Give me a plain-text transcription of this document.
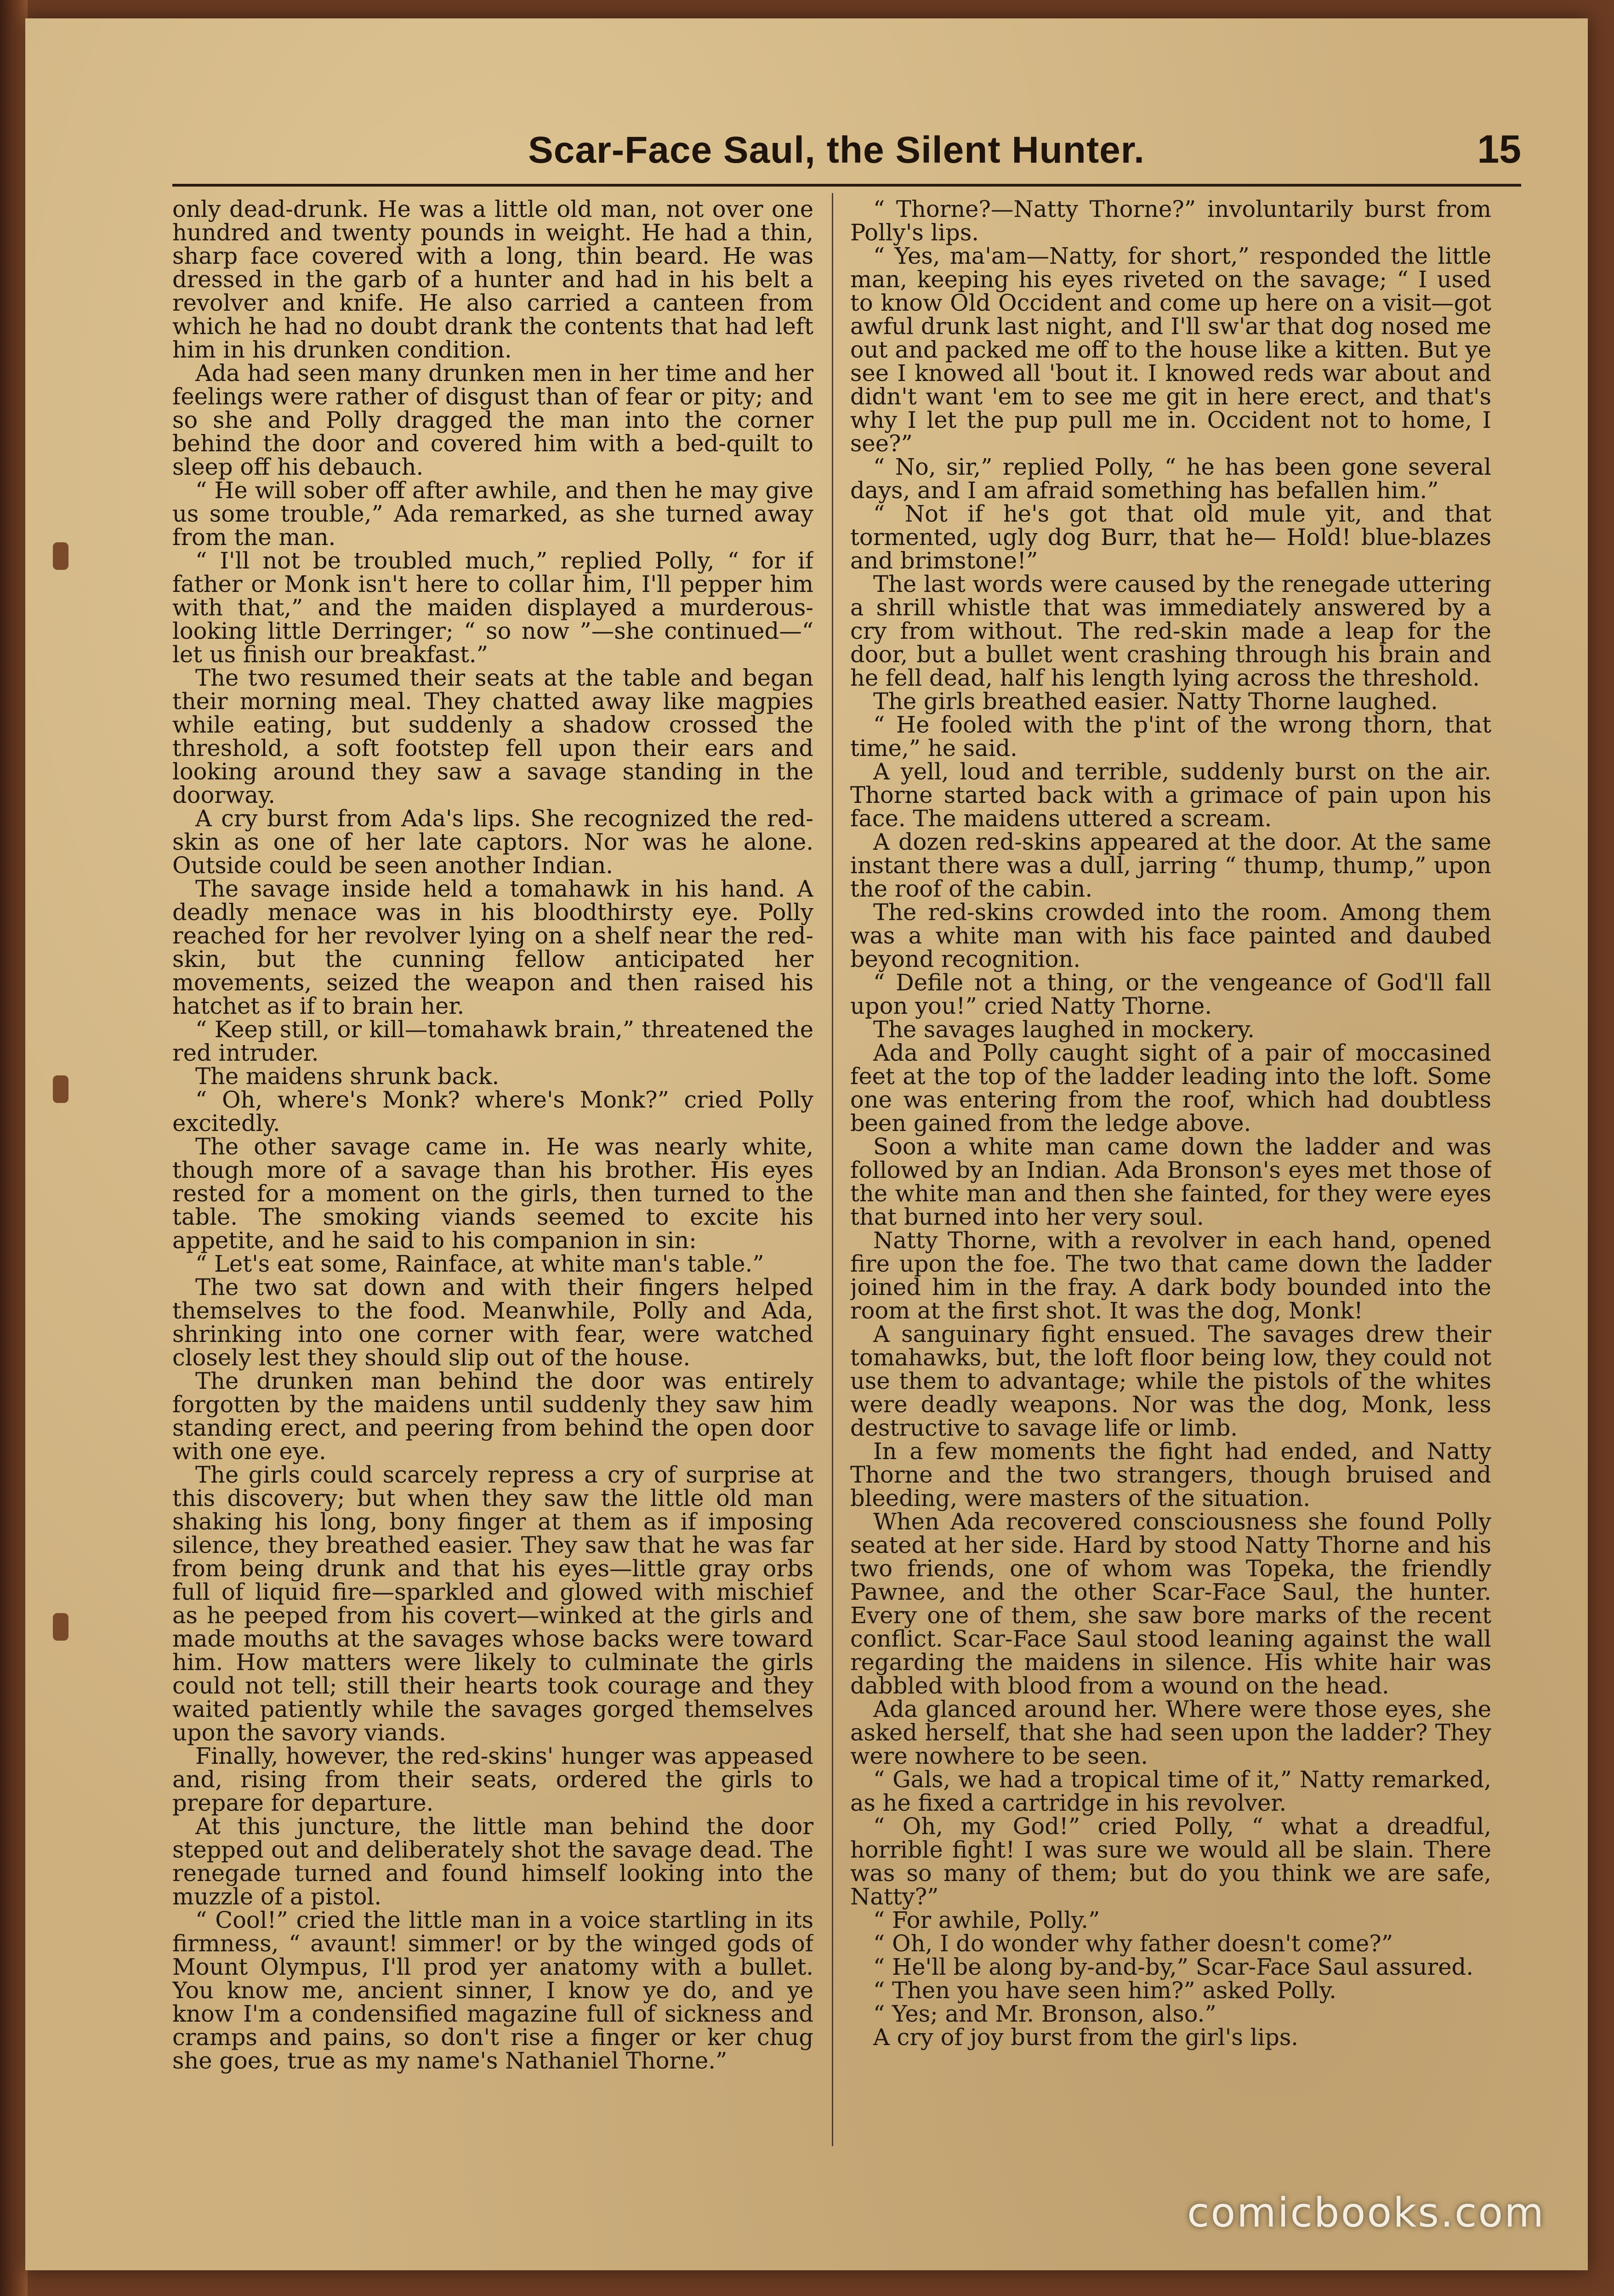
Scar-Face Saul, the Silent Hunter.	15

only dead-drunk. He was a little old man, not over one hundred and twenty pounds in weight. He had a thin, sharp face covered with a long, thin beard. He was dressed in the garb of a hunter and had in his belt a revolver and knife. He also carried a canteen from which he had no doubt drank the contents that had left him in his drunken condition.

Ada had seen many drunken men in her time and her feelings were rather of disgust than of fear or pity; and so she and Polly dragged the man into the corner behind the door and covered him with a bed-quilt to sleep off his debauch.

“ He will sober off after awhile, and then he may give us some trouble,” Ada remarked, as she turned away from the man.

“ I'll not be troubled much,” replied Polly, “ for if father or Monk isn't here to collar him, I'll pepper him with that,” and the maiden displayed a murderous-looking little Derringer; “ so now ”—she continued—“ let us finish our breakfast.”

The two resumed their seats at the table and began their morning meal. They chatted away like magpies while eating, but suddenly a shadow crossed the threshold, a soft footstep fell upon their ears and looking around they saw a savage standing in the doorway.

A cry burst from Ada's lips. She recognized the red-skin as one of her late captors. Nor was he alone. Outside could be seen another Indian.

The savage inside held a tomahawk in his hand. A deadly menace was in his bloodthirsty eye. Polly reached for her revolver lying on a shelf near the red-skin, but the cunning fellow anticipated her movements, seized the weapon and then raised his hatchet as if to brain her.

“ Keep still, or kill—tomahawk brain,” threatened the red intruder.

The maidens shrunk back.

“ Oh, where's Monk? where's Monk?” cried Polly excitedly.

The other savage came in. He was nearly white, though more of a savage than his brother. His eyes rested for a moment on the girls, then turned to the table. The smoking viands seemed to excite his appetite, and he said to his companion in sin:

“ Let's eat some, Rainface, at white man's table.”

The two sat down and with their fingers helped themselves to the food. Meanwhile, Polly and Ada, shrinking into one corner with fear, were watched closely lest they should slip out of the house.

The drunken man behind the door was entirely forgotten by the maidens until suddenly they saw him standing erect, and peering from behind the open door with one eye.

The girls could scarcely repress a cry of surprise at this discovery; but when they saw the little old man shaking his long, bony finger at them as if imposing silence, they breathed easier. They saw that he was far from being drunk and that his eyes—little gray orbs full of liquid fire—sparkled and glowed with mischief as he peeped from his covert—winked at the girls and made mouths at the savages whose backs were toward him. How matters were likely to culminate the girls could not tell; still their hearts took courage and they waited patiently while the savages gorged themselves upon the savory viands.

Finally, however, the red-skins' hunger was appeased and, rising from their seats, ordered the girls to prepare for departure.

At this juncture, the little man behind the door stepped out and deliberately shot the savage dead. The renegade turned and found himself looking into the muzzle of a pistol.

“ Cool!” cried the little man in a voice startling in its firmness, “ avaunt! simmer! or by the winged gods of Mount Olympus, I'll prod yer anatomy with a bullet. You know me, ancient sinner, I know ye do, and ye know I'm a condensified magazine full of sickness and cramps and pains, so don't rise a finger or ker chug she goes, true as my name's Nathaniel Thorne.”

“ Thorne?—Natty Thorne?” involuntarily burst from Polly's lips.

“ Yes, ma'am—Natty, for short,” responded the little man, keeping his eyes riveted on the savage; “ I used to know Old Occident and come up here on a visit—got awful drunk last night, and I'll sw'ar that dog nosed me out and packed me off to the house like a kitten. But ye see I knowed all 'bout it. I knowed reds war about and didn't want 'em to see me git in here erect, and that's why I let the pup pull me in. Occident not to home, I see?”

“ No, sir,” replied Polly, “ he has been gone several days, and I am afraid something has befallen him.”

“ Not if he's got that old mule yit, and that tormented, ugly dog Burr, that he— Hold! blue-blazes and brimstone!”

The last words were caused by the renegade uttering a shrill whistle that was immediately answered by a cry from without. The red-skin made a leap for the door, but a bullet went crashing through his brain and he fell dead, half his length lying across the threshold.

The girls breathed easier. Natty Thorne laughed.

“ He fooled with the p'int of the wrong thorn, that time,” he said.

A yell, loud and terrible, suddenly burst on the air. Thorne started back with a grimace of pain upon his face. The maidens uttered a scream.

A dozen red-skins appeared at the door. At the same instant there was a dull, jarring “ thump, thump,” upon the roof of the cabin.

The red-skins crowded into the room. Among them was a white man with his face painted and daubed beyond recognition.

“ Defile not a thing, or the vengeance of God'll fall upon you!” cried Natty Thorne.

The savages laughed in mockery.

Ada and Polly caught sight of a pair of moccasined feet at the top of the ladder leading into the loft. Some one was entering from the roof, which had doubtless been gained from the ledge above.

Soon a white man came down the ladder and was followed by an Indian. Ada Bronson's eyes met those of the white man and then she fainted, for they were eyes that burned into her very soul.

Natty Thorne, with a revolver in each hand, opened fire upon the foe. The two that came down the ladder joined him in the fray. A dark body bounded into the room at the first shot. It was the dog, Monk!

A sanguinary fight ensued. The savages drew their tomahawks, but, the loft floor being low, they could not use them to advantage; while the pistols of the whites were deadly weapons. Nor was the dog, Monk, less destructive to savage life or limb.

In a few moments the fight had ended, and Natty Thorne and the two strangers, though bruised and bleeding, were masters of the situation.

When Ada recovered consciousness she found Polly seated at her side. Hard by stood Natty Thorne and his two friends, one of whom was Topeka, the friendly Pawnee, and the other Scar-Face Saul, the hunter. Every one of them, she saw bore marks of the recent conflict. Scar-Face Saul stood leaning against the wall regarding the maidens in silence. His white hair was dabbled with blood from a wound on the head.

Ada glanced around her. Where were those eyes, she asked herself, that she had seen upon the ladder? They were nowhere to be seen.

“ Gals, we had a tropical time of it,” Natty remarked, as he fixed a cartridge in his revolver.

“ Oh, my God!” cried Polly, “ what a dreadful, horrible fight! I was sure we would all be slain. There was so many of them; but do you think we are safe, Natty?”

“ For awhile, Polly.”

“ Oh, I do wonder why father doesn't come?”

“ He'll be along by-and-by,” Scar-Face Saul assured.

“ Then you have seen him?” asked Polly.

“ Yes; and Mr. Bronson, also.”

A cry of joy burst from the girl's lips.

comicbooks.com
